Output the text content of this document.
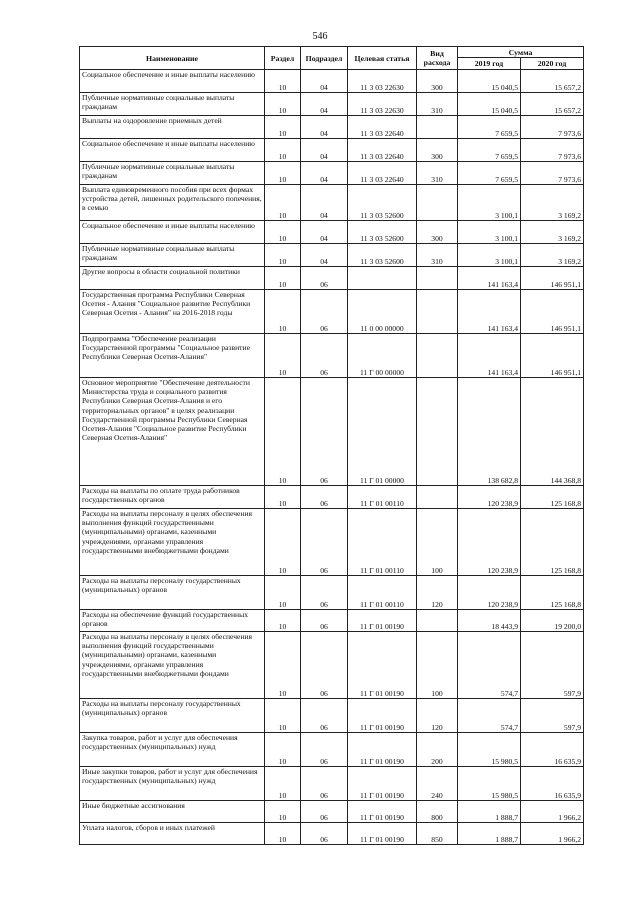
546
Наименование	Раздел	Подраздел	Целевая статья	Вид расхода	Сумма	
					2019 год	2020 год
Социальное обеспечение и иные выплаты населению	10	04	11 3 03 22630	300	15 040,5	15 657,2
Публичные нормативные социальные выплаты гражданам	10	04	11 3 03 22630	310	15 040,5	15 657,2
Выплаты на оздоровление приемных детей	10	04	11 3 03 22640		7 659,5	7 973,6
Социальное обеспечение и иные выплаты населению	10	04	11 3 03 22640	300	7 659,5	7 973,6
Публичные нормативные социальные выплаты гражданам	10	04	11 3 03 22640	310	7 659,5	7 973,6
Выплата единовременного пособия при всех формах устройства детей, лишенных родительского попечения, в семью	10	04	11 3 03 52600		3 100,1	3 169,2
Социальное обеспечение и иные выплаты населению	10	04	11 3 03 52600	300	3 100,1	3 169,2
Публичные нормативные социальные выплаты гражданам	10	04	11 3 03 52600	310	3 100,1	3 169,2
Другие вопросы в области социальной политики	10	06			141 163,4	146 951,1
Государственная программа Республики Северная Осетия - Алания "Социальное развитие Республики Северная Осетия - Алания" на 2016-2018 годы	10	06	11 0 00 00000		141 163,4	146 951,1
Подпрограмма "Обеспечение реализации Государственной программы "Социальное развитие Республики Северная Осетия-Алания"	10	06	11 Г 00 00000		141 163,4	146 951,1
Основное мероприятие "Обеспечение деятельности Министерства труда и социального развития Республики Северная Осетия-Алания и его территориальных органов" в целях реализации Государственной программы Республики Северная Осетия-Алания "Социальное развитие Республики Северная Осетия-Алания"	10	06	11 Г 01 00000		138 682,8	144 368,8
Расходы на выплаты по оплате труда работников государственных органов	10	06	11 Г 01 00110		120 238,9	125 168,8
Расходы на выплаты персоналу в целях обеспечения выполнения функций государственными (муниципальными) органами, казенными учреждениями, органами управления государственными внебюджетными фондами	10	06	11 Г 01 00110	100	120 238,9	125 168,8
Расходы на выплаты персоналу государственных (муниципальных) органов	10	06	11 Г 01 00110	120	120 238,9	125 168,8
Расходы на обеспечение функций государственных органов	10	06	11 Г 01 00190		18 443,9	19 200,0
Расходы на выплаты персоналу в целях обеспечения выполнения функций государственными (муниципальными) органами, казенными учреждениями, органами управления государственными внебюджетными фондами	10	06	11 Г 01 00190	100	574,7	597,9
Расходы на выплаты персоналу государственных (муниципальных) органов	10	06	11 Г 01 00190	120	574,7	597,9
Закупка товаров, работ и услуг для обеспечения государственных (муниципальных) нужд	10	06	11 Г 01 00190	200	15 980,5	16 635,9
Иные закупки товаров, работ и услуг для обеспечения государственных (муниципальных) нужд	10	06	11 Г 01 00190	240	15 980,5	16 635,9
Иные бюджетные ассигнования	10	06	11 Г 01 00190	800	1 888,7	1 966,2
Уплата налогов, сборов и иных платежей	10	06	11 Г 01 00190	850	1 888,7	1 966,2
